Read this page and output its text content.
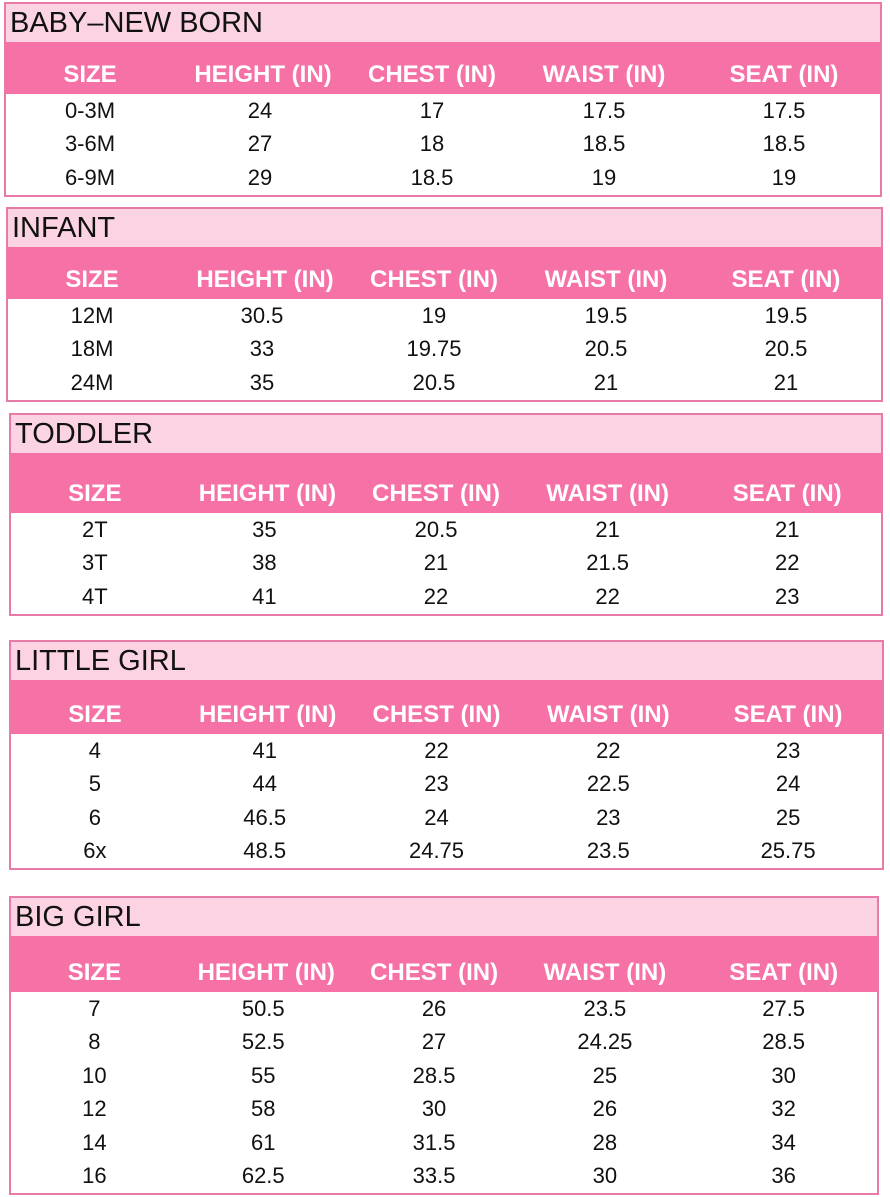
BABY–NEW BORN
SIZE	HEIGHT (IN)	CHEST (IN)	WAIST (IN)	SEAT (IN)
0-3M	24	17	17.5	17.5
3-6M	27	18	18.5	18.5
6-9M	29	18.5	19	19
INFANT
SIZE	HEIGHT (IN)	CHEST (IN)	WAIST (IN)	SEAT (IN)
12M	30.5	19	19.5	19.5
18M	33	19.75	20.5	20.5
24M	35	20.5	21	21
TODDLER
SIZE	HEIGHT (IN)	CHEST (IN)	WAIST (IN)	SEAT (IN)
2T	35	20.5	21	21
3T	38	21	21.5	22
4T	41	22	22	23
LITTLE GIRL
SIZE	HEIGHT (IN)	CHEST (IN)	WAIST (IN)	SEAT (IN)
4	41	22	22	23
5	44	23	22.5	24
6	46.5	24	23	25
6x	48.5	24.75	23.5	25.75
BIG GIRL
SIZE	HEIGHT (IN)	CHEST (IN)	WAIST (IN)	SEAT (IN)
7	50.5	26	23.5	27.5
8	52.5	27	24.25	28.5
10	55	28.5	25	30
12	58	30	26	32
14	61	31.5	28	34
16	62.5	33.5	30	36
